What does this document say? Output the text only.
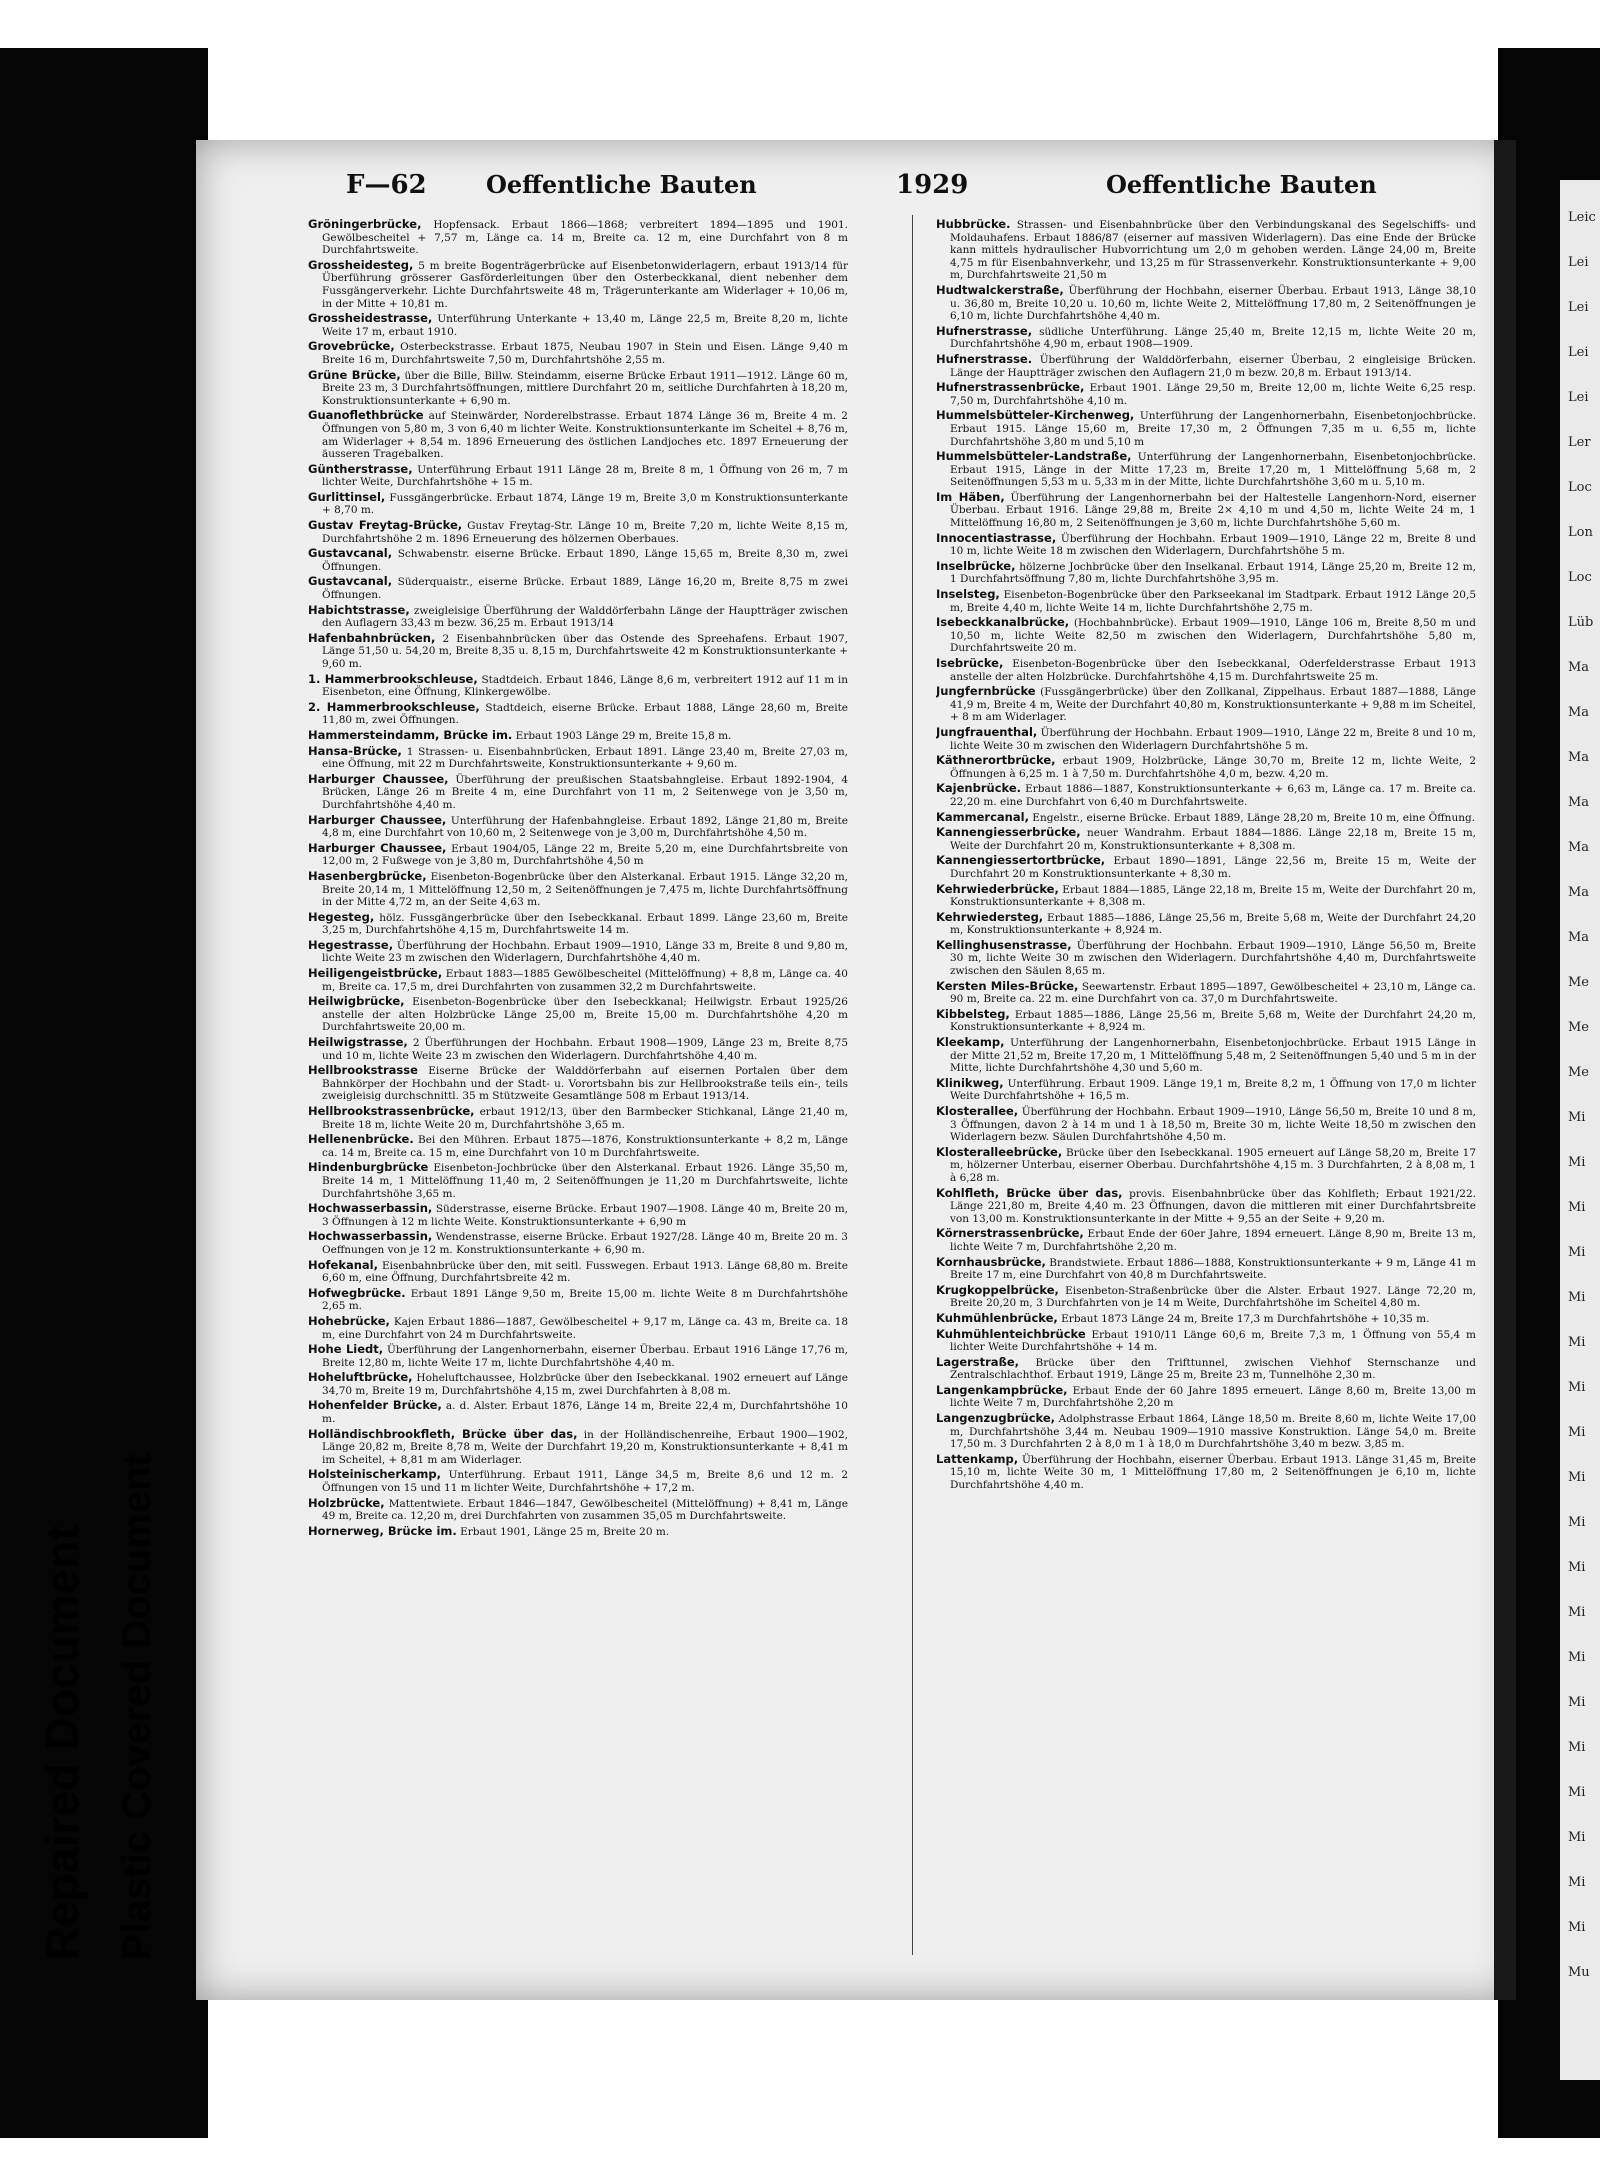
Leic
Lei
Lei
Lei
Lei
Ler
Loc
Lon
Loc
Lüb
Ma
Ma
Ma
Ma
Ma
Ma
Ma
Me
Me
Me
Mi
Mi
Mi
Mi
Mi
Mi
Mi
Mi
Mi
Mi
Mi
Mi
Mi
Mi
Mi
Mi
Mi
Mi
Mi
Mu
F—62 Oeffentliche Bauten	1929	Oeffentliche Bauten
Gröningerbrücke, Hopfensack. Erbaut 1866—1868; verbreitert 1894—1895 und 1901. Gewölbescheitel + 7,57 m, Länge ca. 14 m, Breite ca. 12 m, eine Durchfahrt von 8 m Durchfahrtsweite.
Grossheidesteg, 5 m breite Bogenträgerbrücke auf Eisenbetonwiderlagern, erbaut 1913/14 für Überführung grösserer Gasförderleitungen über den Osterbeckkanal, dient nebenher dem Fussgängerverkehr. Lichte Durchfahrtsweite 48 m, Trägerunterkante am Widerlager + 10,06 m, in der Mitte + 10,81 m.
Grossheidestrasse, Unterführung Unterkante + 13,40 m, Länge 22,5 m, Breite 8,20 m, lichte Weite 17 m, erbaut 1910.
Grovebrücke, Osterbeckstrasse. Erbaut 1875, Neubau 1907 in Stein und Eisen. Länge 9,40 m Breite 16 m, Durchfahrtsweite 7,50 m, Durchfahrtshöhe 2,55 m.
Grüne Brücke, über die Bille, Billw. Steindamm, eiserne Brücke Erbaut 1911—1912. Länge 60 m, Breite 23 m, 3 Durchfahrtsöffnungen, mittlere Durchfahrt 20 m, seitliche Durchfahrten à 18,20 m, Konstruktionsunterkante + 6,90 m.
Guanoflethbrücke auf Steinwärder, Norderelbstrasse. Erbaut 1874 Länge 36 m, Breite 4 m. 2 Öffnungen von 5,80 m, 3 von 6,40 m lichter Weite. Konstruktionsunterkante im Scheitel + 8,76 m, am Widerlager + 8,54 m. 1896 Erneuerung des östlichen Landjoches etc. 1897 Erneuerung der äusseren Tragebalken.
Güntherstrasse, Unterführung Erbaut 1911 Länge 28 m, Breite 8 m, 1 Öffnung von 26 m, 7 m lichter Weite, Durchfahrtshöhe + 15 m.
Gurlittinsel, Fussgängerbrücke. Erbaut 1874, Länge 19 m, Breite 3,0 m Konstruktionsunterkante + 8,70 m.
Gustav Freytag-Brücke, Gustav Freytag-Str. Länge 10 m, Breite 7,20 m, lichte Weite 8,15 m, Durchfahrtshöhe 2 m. 1896 Erneuerung des hölzernen Oberbaues.
Gustavcanal, Schwabenstr. eiserne Brücke. Erbaut 1890, Länge 15,65 m, Breite 8,30 m, zwei Öffnungen.
Gustavcanal, Süderquaistr., eiserne Brücke. Erbaut 1889, Länge 16,20 m, Breite 8,75 m zwei Öffnungen.
Habichtstrasse, zweigleisige Überführung der Walddörferbahn Länge der Hauptträger zwischen den Auflagern 33,43 m bezw. 36,25 m. Erbaut 1913/14
Hafenbahnbrücken, 2 Eisenbahnbrücken über das Ostende des Spreehafens. Erbaut 1907, Länge 51,50 u. 54,20 m, Breite 8,35 u. 8,15 m, Durchfahrtsweite 42 m Konstruktionsunterkante + 9,60 m.
1. Hammerbrookschleuse, Stadtdeich. Erbaut 1846, Länge 8,6 m, verbreitert 1912 auf 11 m in Eisenbeton, eine Öffnung, Klinkergewölbe.
2. Hammerbrookschleuse, Stadtdeich, eiserne Brücke. Erbaut 1888, Länge 28,60 m, Breite 11,80 m, zwei Öffnungen.
Hammersteindamm, Brücke im. Erbaut 1903 Länge 29 m, Breite 15,8 m.
Hansa-Brücke, 1 Strassen- u. Eisenbahnbrücken, Erbaut 1891. Länge 23,40 m, Breite 27,03 m, eine Öffnung, mit 22 m Durchfahrtsweite, Konstruktionsunterkante + 9,60 m.
Harburger Chaussee, Überführung der preußischen Staatsbahngleise. Erbaut 1892-1904, 4 Brücken, Länge 26 m Breite 4 m, eine Durchfahrt von 11 m, 2 Seitenwege von je 3,50 m, Durchfahrtshöhe 4,40 m.
Harburger Chaussee, Unterführung der Hafenbahngleise. Erbaut 1892, Länge 21,80 m, Breite 4,8 m, eine Durchfahrt von 10,60 m, 2 Seitenwege von je 3,00 m, Durchfahrtshöhe 4,50 m.
Harburger Chaussee, Erbaut 1904/05, Länge 22 m, Breite 5,20 m, eine Durchfahrtsbreite von 12,00 m, 2 Fußwege von je 3,80 m, Durchfahrtshöhe 4,50 m
Hasenbergbrücke, Eisenbeton-Bogenbrücke über den Alsterkanal. Erbaut 1915. Länge 32,20 m, Breite 20,14 m, 1 Mittelöffnung 12,50 m, 2 Seitenöffnungen je 7,475 m, lichte Durchfahrtsöffnung in der Mitte 4,72 m, an der Seite 4,63 m.
Hegesteg, hölz. Fussgängerbrücke über den Isebeckkanal. Erbaut 1899. Länge 23,60 m, Breite 3,25 m, Durchfahrtshöhe 4,15 m, Durchfahrtsweite 14 m.
Hegestrasse, Überführung der Hochbahn. Erbaut 1909—1910, Länge 33 m, Breite 8 und 9,80 m, lichte Weite 23 m zwischen den Widerlagern, Durchfahrtshöhe 4,40 m.
Heiligengeistbrücke, Erbaut 1883—1885 Gewölbescheitel (Mittelöffnung) + 8,8 m, Länge ca. 40 m, Breite ca. 17,5 m, drei Durchfahrten von zusammen 32,2 m Durchfahrtsweite.
Heilwigbrücke, Eisenbeton-Bogenbrücke über den Isebeckkanal; Heilwigstr. Erbaut 1925/26 anstelle der alten Holzbrücke Länge 25,00 m, Breite 15,00 m. Durchfahrtshöhe 4,20 m Durchfahrtsweite 20,00 m.
Heilwigstrasse, 2 Überführungen der Hochbahn. Erbaut 1908—1909, Länge 23 m, Breite 8,75 und 10 m, lichte Weite 23 m zwischen den Widerlagern. Durchfahrtshöhe 4,40 m.
Hellbrookstrasse Eiserne Brücke der Walddörferbahn auf eisernen Portalen über dem Bahnkörper der Hochbahn und der Stadt- u. Vorortsbahn bis zur Hellbrookstraße teils ein-, teils zweigleisig durchschnittl. 35 m Stützweite Gesamtlänge 508 m Erbaut 1913/14.
Hellbrookstrassenbrücke, erbaut 1912/13, über den Barmbecker Stichkanal, Länge 21,40 m, Breite 18 m, lichte Weite 20 m, Durchfahrtshöhe 3,65 m.
Hellenenbrücke. Bei den Mühren. Erbaut 1875—1876, Konstruktionsunterkante + 8,2 m, Länge ca. 14 m, Breite ca. 15 m, eine Durchfahrt von 10 m Durchfahrtsweite.
Hindenburgbrücke Eisenbeton-Jochbrücke über den Alsterkanal. Erbaut 1926. Länge 35,50 m, Breite 14 m, 1 Mittelöffnung 11,40 m, 2 Seitenöffnungen je 11,20 m Durchfahrtsweite, lichte Durchfahrtshöhe 3,65 m.
Hochwasserbassin, Süderstrasse, eiserne Brücke. Erbaut 1907—1908. Länge 40 m, Breite 20 m, 3 Öffnungen à 12 m lichte Weite. Konstruktionsunterkante + 6,90 m
Hochwasserbassin, Wendenstrasse, eiserne Brücke. Erbaut 1927/28. Länge 40 m, Breite 20 m. 3 Oeffnungen von je 12 m. Konstruktionsunterkante + 6,90 m.
Hofekanal, Eisenbahnbrücke über den, mit seitl. Fusswegen. Erbaut 1913. Länge 68,80 m. Breite 6,60 m, eine Öffnung, Durchfahrtsbreite 42 m.
Hofwegbrücke. Erbaut 1891 Länge 9,50 m, Breite 15,00 m. lichte Weite 8 m Durchfahrtshöhe 2,65 m.
Hohebrücke, Kajen Erbaut 1886—1887, Gewölbescheitel + 9,17 m, Länge ca. 43 m, Breite ca. 18 m, eine Durchfahrt von 24 m Durchfahrtsweite.
Hohe Liedt, Überführung der Langenhornerbahn, eiserner Überbau. Erbaut 1916 Länge 17,76 m, Breite 12,80 m, lichte Weite 17 m, lichte Durchfahrtshöhe 4,40 m.
Hoheluftbrücke, Hoheluftchaussee, Holzbrücke über den Isebeckkanal. 1902 erneuert auf Länge 34,70 m, Breite 19 m, Durchfahrtshöhe 4,15 m, zwei Durchfahrten à 8,08 m.
Hohenfelder Brücke, a. d. Alster. Erbaut 1876, Länge 14 m, Breite 22,4 m, Durchfahrtshöhe 10 m.
Holländischbrookfleth, Brücke über das, in der Holländischenreihe, Erbaut 1900—1902, Länge 20,82 m, Breite 8,78 m, Weite der Durchfahrt 19,20 m, Konstruktionsunterkante + 8,41 m im Scheitel, + 8,81 m am Widerlager.
Holsteinischerkamp, Unterführung. Erbaut 1911, Länge 34,5 m, Breite 8,6 und 12 m. 2 Öffnungen von 15 und 11 m lichter Weite, Durchfahrtshöhe + 17,2 m.
Holzbrücke, Mattentwiete. Erbaut 1846—1847, Gewölbescheitel (Mittelöffnung) + 8,41 m, Länge 49 m, Breite ca. 12,20 m, drei Durchfahrten von zusammen 35,05 m Durchfahrtsweite.
Hornerweg, Brücke im. Erbaut 1901, Länge 25 m, Breite 20 m.
Hubbrücke. Strassen- und Eisenbahnbrücke über den Verbindungskanal des Segelschiffs- und Moldauhafens. Erbaut 1886/87 (eiserner auf massiven Widerlagern). Das eine Ende der Brücke kann mittels hydraulischer Hubvorrichtung um 2,0 m gehoben werden. Länge 24,00 m, Breite 4,75 m für Eisenbahnverkehr, und 13,25 m für Strassenverkehr. Konstruktionsunterkante + 9,00 m, Durchfahrtsweite 21,50 m
Hudtwalckerstraße, Überführung der Hochbahn, eiserner Überbau. Erbaut 1913, Länge 38,10 u. 36,80 m, Breite 10,20 u. 10,60 m, lichte Weite 2, Mittelöffnung 17,80 m, 2 Seitenöffnungen je 6,10 m, lichte Durchfahrtshöhe 4,40 m.
Hufnerstrasse, südliche Unterführung. Länge 25,40 m, Breite 12,15 m, lichte Weite 20 m, Durchfahrtshöhe 4,90 m, erbaut 1908—1909.
Hufnerstrasse. Überführung der Walddörferbahn, eiserner Überbau, 2 eingleisige Brücken. Länge der Hauptträger zwischen den Auflagern 21,0 m bezw. 20,8 m. Erbaut 1913/14.
Hufnerstrassenbrücke, Erbaut 1901. Länge 29,50 m, Breite 12,00 m, lichte Weite 6,25 resp. 7,50 m, Durchfahrtshöhe 4,10 m.
Hummelsbütteler-Kirchenweg, Unterführung der Langenhornerbahn, Eisenbetonjochbrücke. Erbaut 1915. Länge 15,60 m, Breite 17,30 m, 2 Öffnungen 7,35 m u. 6,55 m, lichte Durchfahrtshöhe 3,80 m und 5,10 m
Hummelsbütteler-Landstraße, Unterführung der Langenhornerbahn, Eisenbetonjochbrücke. Erbaut 1915, Länge in der Mitte 17,23 m, Breite 17,20 m, 1 Mittelöffnung 5,68 m, 2 Seitenöffnungen 5,53 m u. 5,33 m in der Mitte, lichte Durchfahrtshöhe 3,60 m u. 5,10 m.
Im Häben, Überführung der Langenhornerbahn bei der Haltestelle Langenhorn-Nord, eiserner Überbau. Erbaut 1916. Länge 29,88 m, Breite 2× 4,10 m und 4,50 m, lichte Weite 24 m, 1 Mittelöffnung 16,80 m, 2 Seitenöffnungen je 3,60 m, lichte Durchfahrtshöhe 5,60 m.
Innocentiastrasse, Überführung der Hochbahn. Erbaut 1909—1910, Länge 22 m, Breite 8 und 10 m, lichte Weite 18 m zwischen den Widerlagern, Durchfahrtshöhe 5 m.
Inselbrücke, hölzerne Jochbrücke über den Inselkanal. Erbaut 1914, Länge 25,20 m, Breite 12 m, 1 Durchfahrtsöffnung 7,80 m, lichte Durchfahrtshöhe 3,95 m.
Inselsteg, Eisenbeton-Bogenbrücke über den Parkseekanal im Stadtpark. Erbaut 1912 Länge 20,5 m, Breite 4,40 m, lichte Weite 14 m, lichte Durchfahrtshöhe 2,75 m.
Isebeckkanalbrücke, (Hochbahnbrücke). Erbaut 1909—1910, Länge 106 m, Breite 8,50 m und 10,50 m, lichte Weite 82,50 m zwischen den Widerlagern, Durchfahrtshöhe 5,80 m, Durchfahrtsweite 20 m.
Isebrücke, Eisenbeton-Bogenbrücke über den Isebeckkanal, Oderfelderstrasse Erbaut 1913 anstelle der alten Holzbrücke. Durchfahrtshöhe 4,15 m. Durchfahrtsweite 25 m.
Jungfernbrücke (Fussgängerbrücke) über den Zollkanal, Zippelhaus. Erbaut 1887—1888, Länge 41,9 m, Breite 4 m, Weite der Durchfahrt 40,80 m, Konstruktionsunterkante + 9,88 m im Scheitel, + 8 m am Widerlager.
Jungfrauenthal, Überführung der Hochbahn. Erbaut 1909—1910, Länge 22 m, Breite 8 und 10 m, lichte Weite 30 m zwischen den Widerlagern Durchfahrtshöhe 5 m.
Käthnerortbrücke, erbaut 1909, Holzbrücke, Länge 30,70 m, Breite 12 m, lichte Weite, 2 Öffnungen à 6,25 m. 1 à 7,50 m. Durchfahrtshöhe 4,0 m, bezw. 4,20 m.
Kajenbrücke. Erbaut 1886—1887, Konstruktionsunterkante + 6,63 m, Länge ca. 17 m. Breite ca. 22,20 m. eine Durchfahrt von 6,40 m Durchfahrtsweite.
Kammercanal, Engelstr., eiserne Brücke. Erbaut 1889, Länge 28,20 m, Breite 10 m, eine Öffnung.
Kannengiesserbrücke, neuer Wandrahm. Erbaut 1884—1886. Länge 22,18 m, Breite 15 m, Weite der Durchfahrt 20 m, Konstruktionsunterkante + 8,308 m.
Kannengiessertortbrücke, Erbaut 1890—1891, Länge 22,56 m, Breite 15 m, Weite der Durchfahrt 20 m Konstruktionsunterkante + 8,30 m.
Kehrwiederbrücke, Erbaut 1884—1885, Länge 22,18 m, Breite 15 m, Weite der Durchfahrt 20 m, Konstruktionsunterkante + 8,308 m.
Kehrwiedersteg, Erbaut 1885—1886, Länge 25,56 m, Breite 5,68 m, Weite der Durchfahrt 24,20 m, Konstruktionsunterkante + 8,924 m.
Kellinghusenstrasse, Überführung der Hochbahn. Erbaut 1909—1910, Länge 56,50 m, Breite 30 m, lichte Weite 30 m zwischen den Widerlagern. Durchfahrtshöhe 4,40 m, Durchfahrtsweite zwischen den Säulen 8,65 m.
Kersten Miles-Brücke, Seewartenstr. Erbaut 1895—1897, Gewölbescheitel + 23,10 m, Länge ca. 90 m, Breite ca. 22 m. eine Durchfahrt von ca. 37,0 m Durchfahrtsweite.
Kibbelsteg, Erbaut 1885—1886, Länge 25,56 m, Breite 5,68 m, Weite der Durchfahrt 24,20 m, Konstruktionsunterkante + 8,924 m.
Kleekamp, Unterführung der Langenhornerbahn, Eisenbetonjochbrücke. Erbaut 1915 Länge in der Mitte 21,52 m, Breite 17,20 m, 1 Mittelöffnung 5,48 m, 2 Seitenöffnungen 5,40 und 5 m in der Mitte, lichte Durchfahrtshöhe 4,30 und 5,60 m.
Klinikweg, Unterführung. Erbaut 1909. Länge 19,1 m, Breite 8,2 m, 1 Öffnung von 17,0 m lichter Weite Durchfahrtshöhe + 16,5 m.
Klosterallee, Überführung der Hochbahn. Erbaut 1909—1910, Länge 56,50 m, Breite 10 und 8 m, 3 Öffnungen, davon 2 à 14 m und 1 à 18,50 m, Breite 30 m, lichte Weite 18,50 m zwischen den Widerlagern bezw. Säulen Durchfahrtshöhe 4,50 m.
Klosteralleebrücke, Brücke über den Isebeckkanal. 1905 erneuert auf Länge 58,20 m, Breite 17 m, hölzerner Unterbau, eiserner Oberbau. Durchfahrtshöhe 4,15 m. 3 Durchfahrten, 2 à 8,08 m, 1 à 6,28 m.
Kohlfleth, Brücke über das, provis. Eisenbahnbrücke über das Kohlfleth; Erbaut 1921/22. Länge 221,80 m, Breite 4,40 m. 23 Öffnungen, davon die mittleren mit einer Durchfahrtsbreite von 13,00 m. Konstruktionsunterkante in der Mitte + 9,55 an der Seite + 9,20 m.
Körnerstrassenbrücke, Erbaut Ende der 60er Jahre, 1894 erneuert. Länge 8,90 m, Breite 13 m, lichte Weite 7 m, Durchfahrtshöhe 2,20 m.
Kornhausbrücke, Brandstwiete. Erbaut 1886—1888, Konstruktionsunterkante + 9 m, Länge 41 m Breite 17 m, eine Durchfahrt von 40,8 m Durchfahrtsweite.
Krugkoppelbrücke, Eisenbeton-Straßenbrücke über die Alster. Erbaut 1927. Länge 72,20 m, Breite 20,20 m, 3 Durchfahrten von je 14 m Weite, Durchfahrtshöhe im Scheitel 4,80 m.
Kuhmühlenbrücke, Erbaut 1873 Länge 24 m, Breite 17,3 m Durchfahrtshöhe + 10,35 m.
Kuhmühlenteichbrücke Erbaut 1910/11 Länge 60,6 m, Breite 7,3 m, 1 Öffnung von 55,4 m lichter Weite Durchfahrtshöhe + 14 m.
Lagerstraße, Brücke über den Trifttunnel, zwischen Viehhof Sternschanze und Zentralschlachthof. Erbaut 1919, Länge 25 m, Breite 23 m, Tunnelhöhe 2,30 m.
Langenkampbrücke, Erbaut Ende der 60 Jahre 1895 erneuert. Länge 8,60 m, Breite 13,00 m lichte Weite 7 m, Durchfahrtshöhe 2,20 m
Langenzugbrücke, Adolphstrasse Erbaut 1864, Länge 18,50 m. Breite 8,60 m, lichte Weite 17,00 m, Durchfahrtshöhe 3,44 m. Neubau 1909—1910 massive Konstruktion. Länge 54,0 m. Breite 17,50 m. 3 Durchfahrten 2 à 8,0 m 1 à 18,0 m Durchfahrtshöhe 3,40 m bezw. 3,85 m.
Lattenkamp, Überführung der Hochbahn, eiserner Überbau. Erbaut 1913. Länge 31,45 m, Breite 15,10 m, lichte Weite 30 m, 1 Mittelöffnung 17,80 m, 2 Seitenöffnungen je 6,10 m, lichte Durchfahrtshöhe 4,40 m.
Repaired Document Plastic Covered Document
